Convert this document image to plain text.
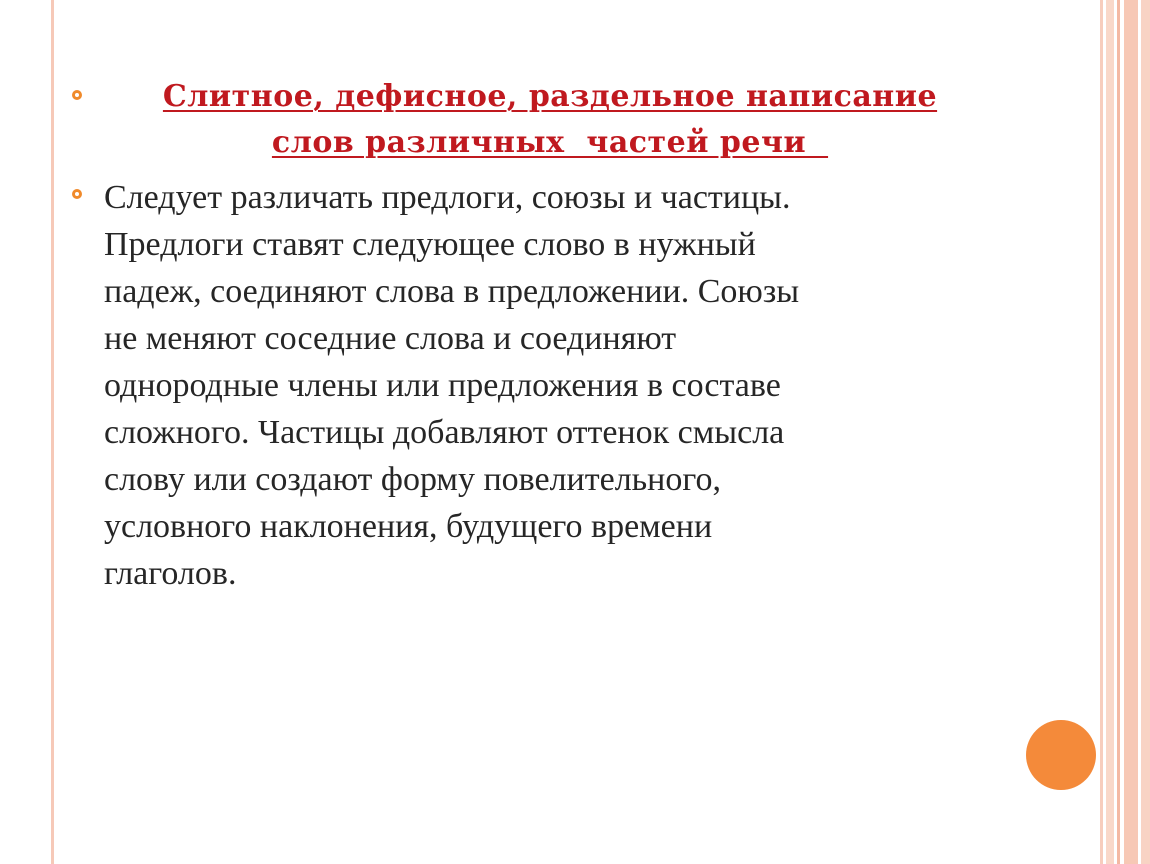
Слитное, дефисное, раздельное написание
слов различных  частей речи
Следует различать предлоги, союзы и частицы.
Предлоги ставят следующее слово в нужный
падеж, соединяют слова в предложении. Союзы
не меняют соседние слова и соединяют
однородные члены или предложения в составе
сложного. Частицы добавляют оттенок смысла
слову или создают форму повелительного,
условного наклонения, будущего времени
глаголов.
